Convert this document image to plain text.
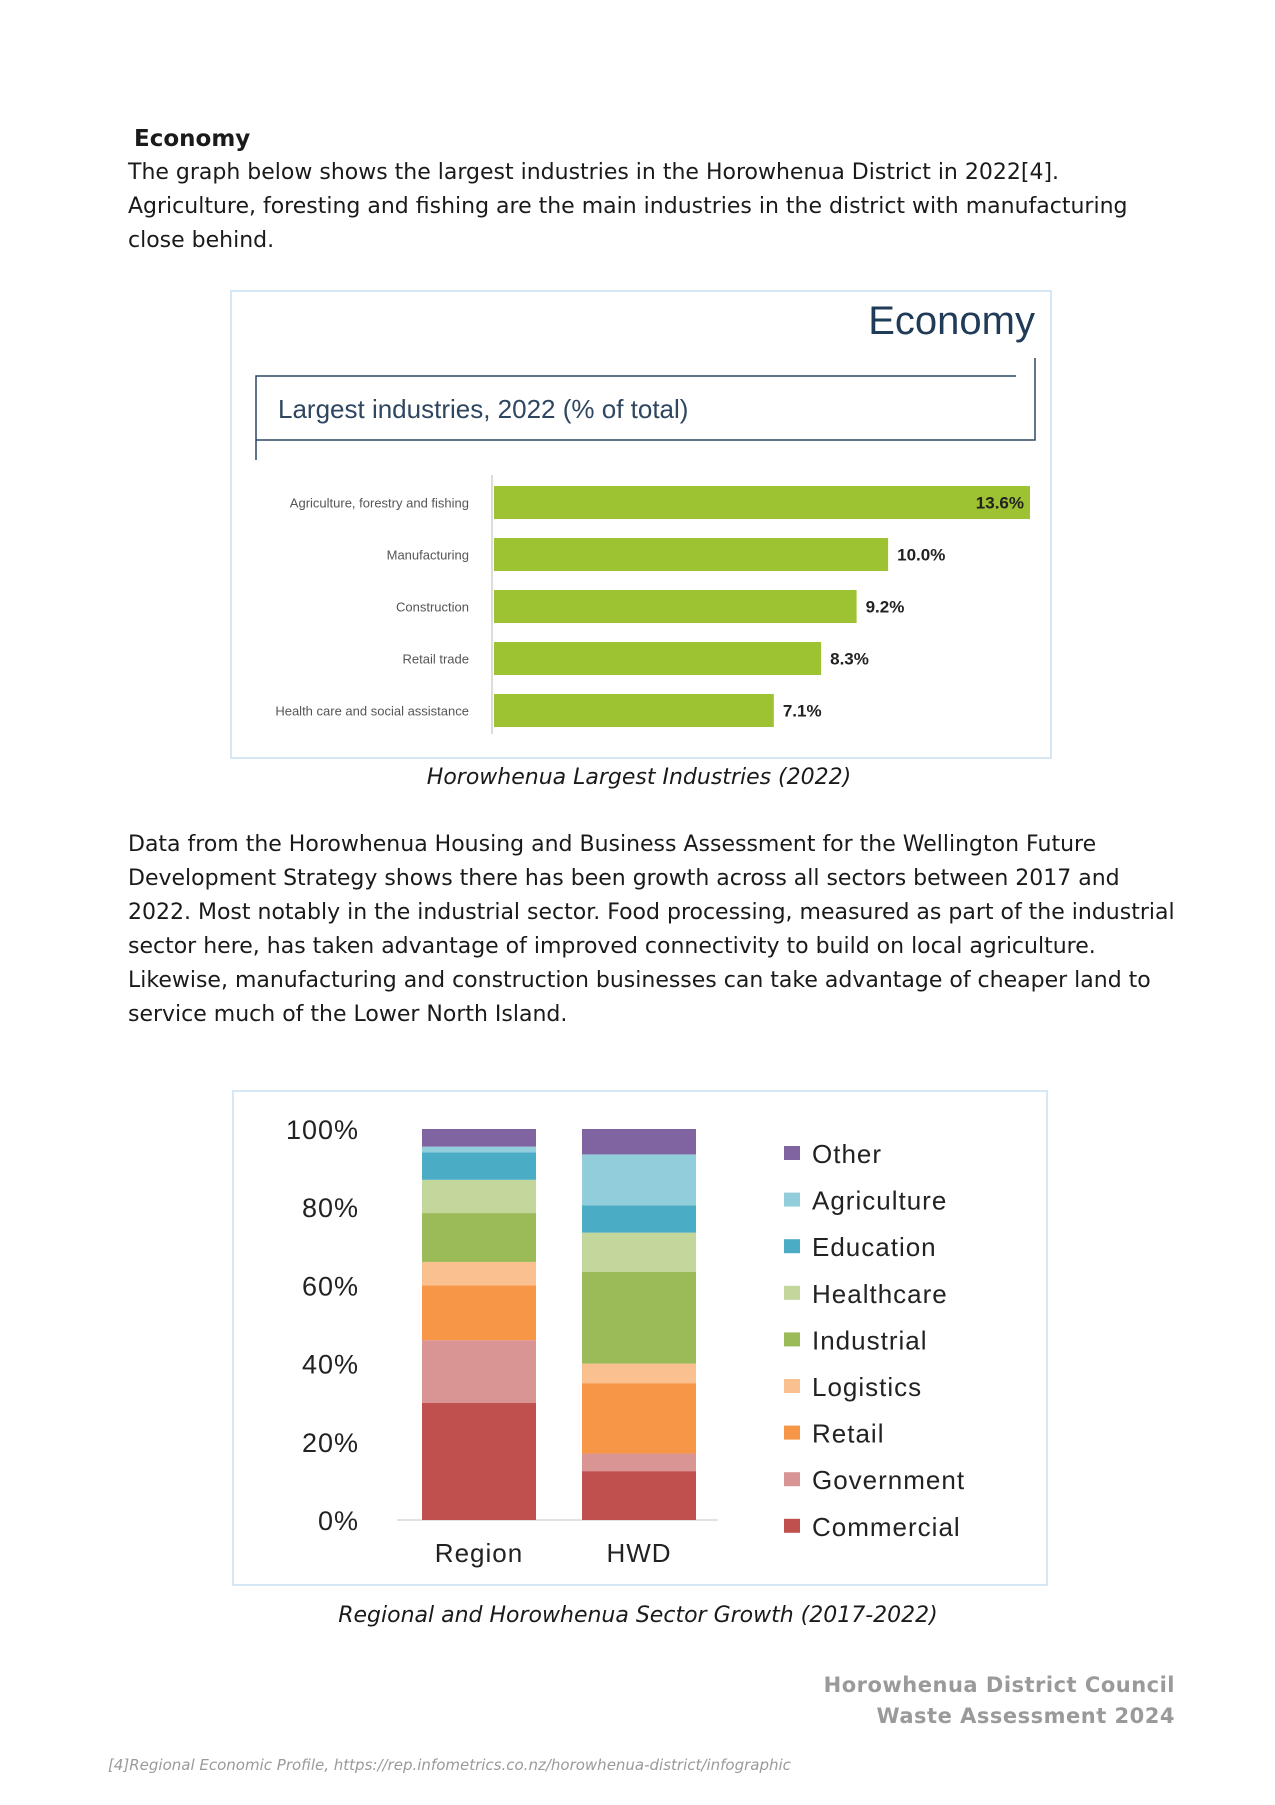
Economy

The graph below shows the largest industries in the Horowhenua District in 2022[4].
Agriculture, foresting and fishing are the main industries in the district with manufacturing
close behind.

Economy
Largest industries, 2022 (% of total)
Agriculture, forestry and fishing	13.6%
Manufacturing	10.0%
Construction	9.2%
Retail trade	8.3%
Health care and social assistance	7.1%
Horowhenua Largest Industries (2022)

Data from the Horowhenua Housing and Business Assessment for the Wellington Future
Development Strategy shows there has been growth across all sectors between 2017 and
2022. Most notably in the industrial sector. Food processing, measured as part of the industrial
sector here, has taken advantage of improved connectivity to build on local agriculture.
Likewise, manufacturing and construction businesses can take advantage of cheaper land to
service much of the Lower North Island.

0%
20%
40%
60%
80%
100%
Region	HWD
Other
Agriculture
Education
Healthcare
Industrial
Logistics
Retail
Government
Commercial
Regional and Horowhenua Sector Growth (2017-2022)
Horowhenua District Council
Waste Assessment 2024
[4]Regional Economic Profile, https://rep.infometrics.co.nz/horowhenua-district/infographic
